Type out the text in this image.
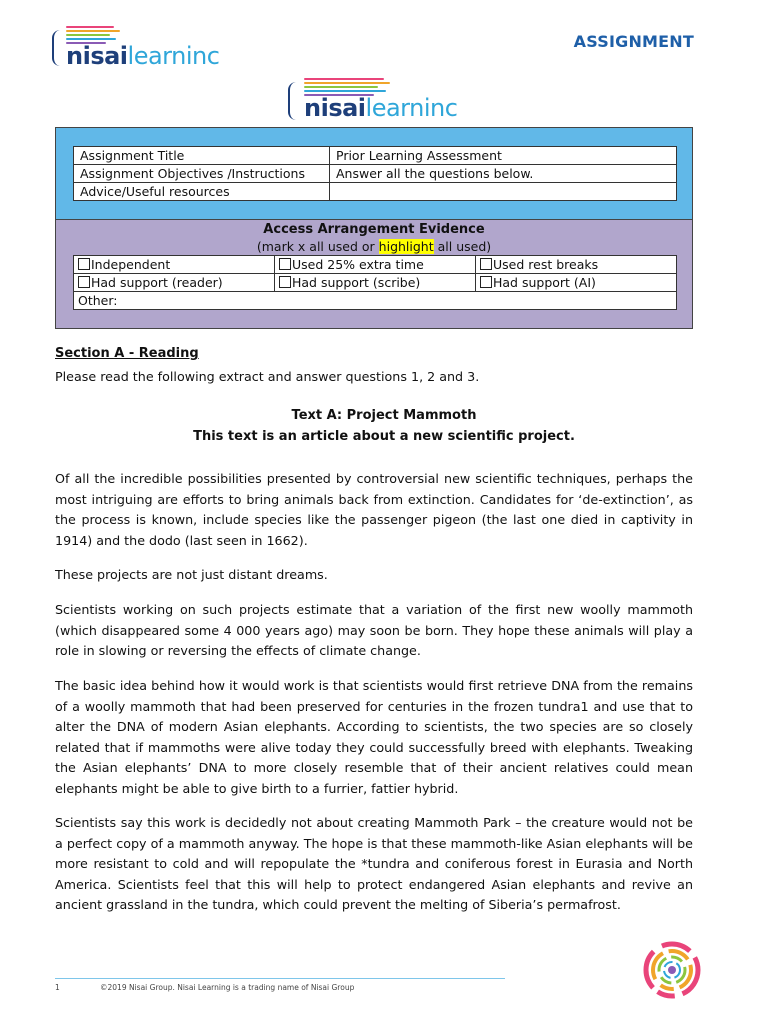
nisailearninc
ASSIGNMENT
nisailearninc
Assignment Title	Prior Learning Assessment
Assignment Objectives /Instructions	Answer all the questions below.
Advice/Useful resources	
Access Arrangement Evidence
(mark x all used or highlight all used)
Independent	Used 25% extra time	Used rest breaks
Had support (reader)	Had support (scribe)	Had support (AI)
Other:		
Section A - Reading
Please read the following extract and answer questions 1, 2 and 3.
Text A: Project Mammoth
This text is an article about a new scientific project.
Of all the incredible possibilities presented by controversial new scientific techniques, perhaps the most intriguing are efforts to bring animals back from extinction. Candidates for ‘de-extinction’, as the process is known, include species like the passenger pigeon (the last one died in captivity in 1914) and the dodo (last seen in 1662).
These projects are not just distant dreams.
Scientists working on such projects estimate that a variation of the first new woolly mammoth (which disappeared some 4 000 years ago) may soon be born. They hope these animals will play a role in slowing or reversing the effects of climate change.
The basic idea behind how it would work is that scientists would first retrieve DNA from the remains of a woolly mammoth that had been preserved for centuries in the frozen tundra1 and use that to alter the DNA of modern Asian elephants. According to scientists, the two species are so closely related that if mammoths were alive today they could successfully breed with elephants. Tweaking the Asian elephants’ DNA to more closely resemble that of their ancient relatives could mean elephants might be able to give birth to a furrier, fattier hybrid.
Scientists say this work is decidedly not about creating Mammoth Park – the creature would not be a perfect copy of a mammoth anyway. The hope is that these mammoth-like Asian elephants will be more resistant to cold and will repopulate the *tundra and coniferous forest in Eurasia and North America. Scientists feel that this will help to protect endangered Asian elephants and revive an ancient grassland in the tundra, which could prevent the melting of Siberia’s permafrost.
1	©2019 Nisai Group. Nisai Learning is a trading name of Nisai Group
